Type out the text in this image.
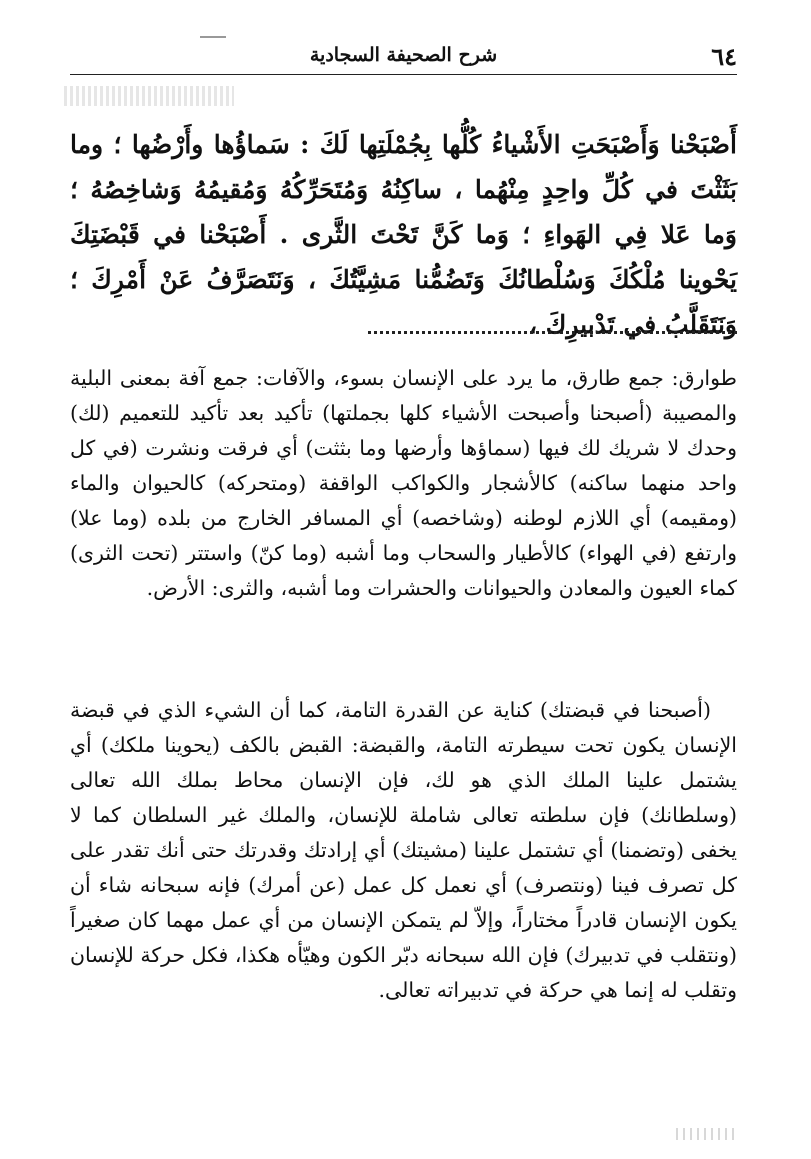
شرح الصحيفة السجادية	٦٤
أَصْبَحْنا وَأَصْبَحَتِ الأَشْياءُ كُلُّها بِجُمْلَتِها لَكَ : سَماؤُها وأَرْضُها ؛ وما بَثَثْتَ في كُلِّ واحِدٍ مِنْهُما ، ساكِنُهُ وَمُتَحَرِّكُهُ وَمُقيمُهُ وَشاخِصُهُ ؛ وَما عَلا فِي الهَواءِ ؛ وَما كَنَّ تَحْتَ الثَّرى . أَصْبَحْنا في قَبْضَتِكَ يَحْوينا مُلْكُكَ وَسُلْطانُكَ وَتَضُمُّنا مَشِيَّتُكَ ، وَنَتَصَرَّفُ عَنْ أَمْرِكَ ؛ وَنَتَقَلَّبُ في تَدْبيرِكَ ،
طوارق: جمع طارق، ما يرد على الإنسان بسوء، والآفات: جمع آفة بمعنى البلية والمصيبة (أصبحنا وأصبحت الأشياء كلها بجملتها) تأكيد بعد تأكيد للتعميم (لك) وحدك لا شريك لك فيها (سماؤها وأرضها وما بثثت) أي فرقت ونشرت (في كل واحد منهما ساكنه) كالأشجار والكواكب الواقفة (ومتحركه) كالحيوان والماء (ومقيمه) أي اللازم لوطنه (وشاخصه) أي المسافر الخارج من بلده (وما علا) وارتفع (في الهواء) كالأطيار والسحاب وما أشبه (وما كنّ) واستتر (تحت الثرى) كماء العيون والمعادن والحيوانات والحشرات وما أشبه، والثرى: الأرض.
(أصبحنا في قبضتك) كناية عن القدرة التامة، كما أن الشيء الذي في قبضة الإنسان يكون تحت سيطرته التامة، والقبضة: القبض بالكف (يحوينا ملكك) أي يشتمل علينا الملك الذي هو لك، فإن الإنسان محاط بملك الله تعالى (وسلطانك) فإن سلطته تعالى شاملة للإنسان، والملك غير السلطان كما لا يخفى (وتضمنا) أي تشتمل علينا (مشيتك) أي إرادتك وقدرتك حتى أنك تقدر على كل تصرف فينا (ونتصرف) أي نعمل كل عمل (عن أمرك) فإنه سبحانه شاء أن يكون الإنسان قادراً مختاراً، وإلاّ لم يتمكن الإنسان من أي عمل مهما كان صغيراً (ونتقلب في تدبيرك) فإن الله سبحانه دبّر الكون وهيّأه هكذا، فكل حركة للإنسان وتقلب له إنما هي حركة في تدبيراته تعالى.
